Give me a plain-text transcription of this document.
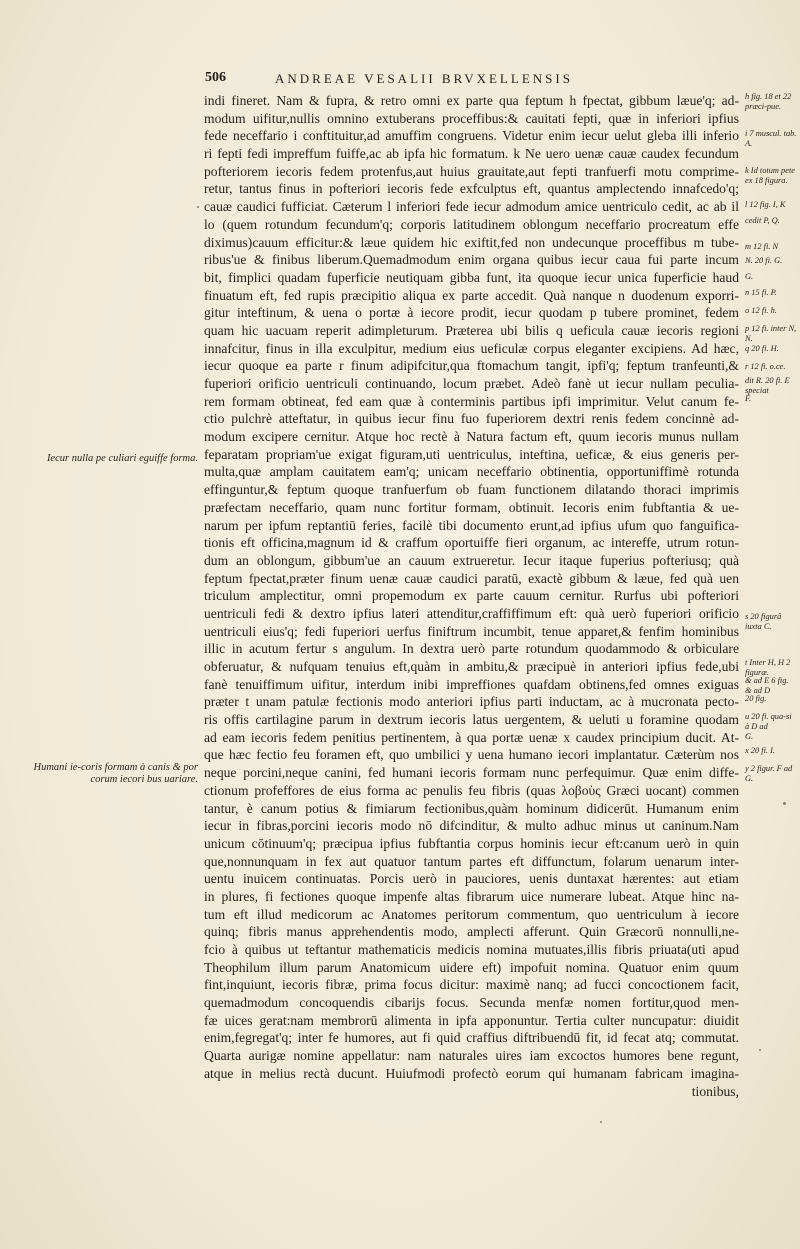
506	ANDREAE VESALII BRVXELLENSIS
indi fineret. Nam & fupra, & retro omni ex parte qua feptum h fpectat, gibbum læue'q; ad-
modum uifitur,nullis omnino extuberans proceffibus:& cauitati fepti, quæ in inferiori ipfius
fede neceffario i conftituitur,ad amuffim congruens. Videtur enim iecur uelut gleba illi inferio
ri fepti fedi impreffum fuiffe,ac ab ipfa hic formatum. k Ne uero uenæ cauæ caudex fecundum
pofteriorem iecoris fedem protenfus,aut huius grauitate,aut fepti tranfuerfi motu comprime-
retur, tantus finus in pofteriori iecoris fede exfculptus eft, quantus amplectendo innafcedo'q;
cauæ caudici fufficiat. Cæterum l inferiori fede iecur admodum amice uentriculo cedit, ac ab il
lo (quem rotundum fecundum'q; corporis latitudinem oblongum neceffario procreatum effe
diximus)cauum efficitur:& læue quidem hic exiftit,fed non undecunque proceffibus m tube-
ribus'ue & finibus liberum.Quemadmodum enim organa quibus iecur caua fui parte incum
bit, fimplici quadam fuperficie neutiquam gibba funt, ita quoque iecur unica fuperficie haud
finuatum eft, fed rupis præcipitio aliqua ex parte accedit. Quà nanque n duodenum exporri-
gitur inteftinum, & uena o portæ à iecore prodit, iecur quodam p tubere prominet, fedem
quam hic uacuam reperit adimpleturum. Præterea ubi bilis q ueficula cauæ iecoris regioni
innafcitur, finus in illa exculpitur, medium eius ueficulæ corpus eleganter excipiens. Ad hæc,
iecur quoque ea parte r finum adipifcitur,qua ftomachum tangit, ipfi'q; feptum tranfeunti,&
fuperiori orificio uentriculi continuando, locum præbet. Adeò fanè ut iecur nullam peculia-
rem formam obtineat, fed eam quæ à conterminis partibus ipfi imprimitur. Velut canum fe-
ctio pulchrè atteftatur, in quibus iecur finu fuo fuperiorem dextri renis fedem concinnè ad-
modum excipere cernitur. Atque hoc rectè à Natura factum eft, quum iecoris munus nullam
feparatam propriam'ue exigat figuram,uti uentriculus, inteftina, ueficæ, & eius generis per-
multa,quæ amplam cauitatem eam'q; unicam neceffario obtinentia, opportuniffimè rotunda
effinguntur,& feptum quoque tranfuerfum ob fuam functionem dilatando thoraci imprimis
præfectam neceffario, quam nunc fortitur formam, obtinuit. Iecoris enim fubftantia & ue-
narum per ipfum reptantiū feries, facilè tibi documento erunt,ad ipfius ufum quo fanguifica-
tionis eft officina,magnum id & craffum oportuiffe fieri organum, ac intereffe, utrum rotun-
dum an oblongum, gibbum'ue an cauum extrueretur. Iecur itaque fuperius pofteriusq; quà
feptum fpectat,præter finum uenæ cauæ caudici paratū, exactè gibbum & læue, fed quà uen
triculum amplectitur, omni propemodum ex parte cauum cernitur. Rurfus ubi pofteriori
uentriculi fedi & dextro ipfius lateri attenditur,craffiffimum eft: quà uerò fuperiori orificio
uentriculi eius'q; fedi fuperiori uerfus finiftrum incumbit, tenue apparet,& fenfim hominibus
illic in acutum fertur s angulum. In dextra uerò parte rotundum quodammodo & orbiculare
obferuatur, & nufquam tenuius eft,quàm in ambitu,& præcipuè in anteriori ipfius fede,ubi
fanè tenuiffimum uifitur, interdum inibi impreffiones quafdam obtinens,fed omnes exiguas
præter t unam patulæ fectionis modo anteriori ipfius parti inductam, ac à mucronata pecto-
ris offis cartilagine parum in dextrum iecoris latus uergentem, & ueluti u foramine quodam
ad eam iecoris fedem penitius pertinentem, à qua portæ uenæ x caudex principium ducit. At-
que hæc fectio feu foramen eft, quo umbilici y uena humano iecori implantatur. Cæterùm nos
neque porcini,neque canini, fed humani iecoris formam nunc perfequimur. Quæ enim diffe-
ctionum profeffores de eius forma ac penulis feu fibris (quas λοβοὺς Græci uocant) commen
tantur, è canum potius & fimiarum fectionibus,quàm hominum didicerūt. Humanum enim
iecur in fibras,porcini iecoris modo nō difcinditur, & multo adhuc minus ut caninum.Nam
unicum cōtinuum'q; præcipua ipfius fubftantia corpus hominis iecur eft:canum uerò in quin
que,nonnunquam in fex aut quatuor tantum partes eft diffunctum, folarum uenarum inter-
uentu inuicem continuatas. Porcis uerò in pauciores, uenis duntaxat hærentes: aut etiam
in plures, fi fectiones quoque impenfe altas fibrarum uice numerare lubeat. Atque hinc na-
tum eft illud medicorum ac Anatomes peritorum commentum, quo uentriculum à iecore
quinq; fibris manus apprehendentis modo, amplecti afferunt. Quin Græcorū nonnulli,ne-
fcio à quibus ut teftantur mathematicis medicis nomina mutuates,illis fibris priuata(uti apud
Theophilum illum parum Anatomicum uidere eft) impofuit nomina. Quatuor enim quum
fint,inquiunt, iecoris fibræ, prima focus dicitur: maximè nanq; ad fucci concoctionem facit,
quemadmodum concoquendis cibarijs focus. Secunda menfæ nomen fortitur,quod men-
fæ uices gerat:nam membrorū alimenta in ipfa apponuntur. Tertia culter nuncupatur: diuidit
enim,fegregat'q; inter fe humores, aut fi quid craffius diftribuendū fit, id fecat atq; commutat.
Quarta aurigæ nomine appellatur: nam naturales uires iam excoctos humores bene regunt,
atque in melius rectà ducunt. Huiufmodi profectò eorum qui humanam fabricam imagina-
tionibus,
Iecur nulla pe culiari eguiffe forma.
Humani ie-coris formam à canis & por corum iecori bus uariare.
h fig. 18 et 22 præci-pue.
i 7 muscul. tab. A.
k Id totum pete ex 18 figura.
l 12 fig. I, K
cedit P, Q.
m 12 fi. N
N. 20 fi. G.
G.
n 15 fi. P.
o 12 fi. h.
p 12 fi. inter N, N.
q 20 fi. H.
r 12 fi. o.ce.
dit R. 20 fi. E speciat
F.
s 20 figurâ iuxta C.
t Inter H, H 2 figuræ.
& ad E 6 fig. & ad D
20 fig.
u 20 fi. qua-si à D ad
G.
x 20 fi. I.
y 2 figur. F ad G.
